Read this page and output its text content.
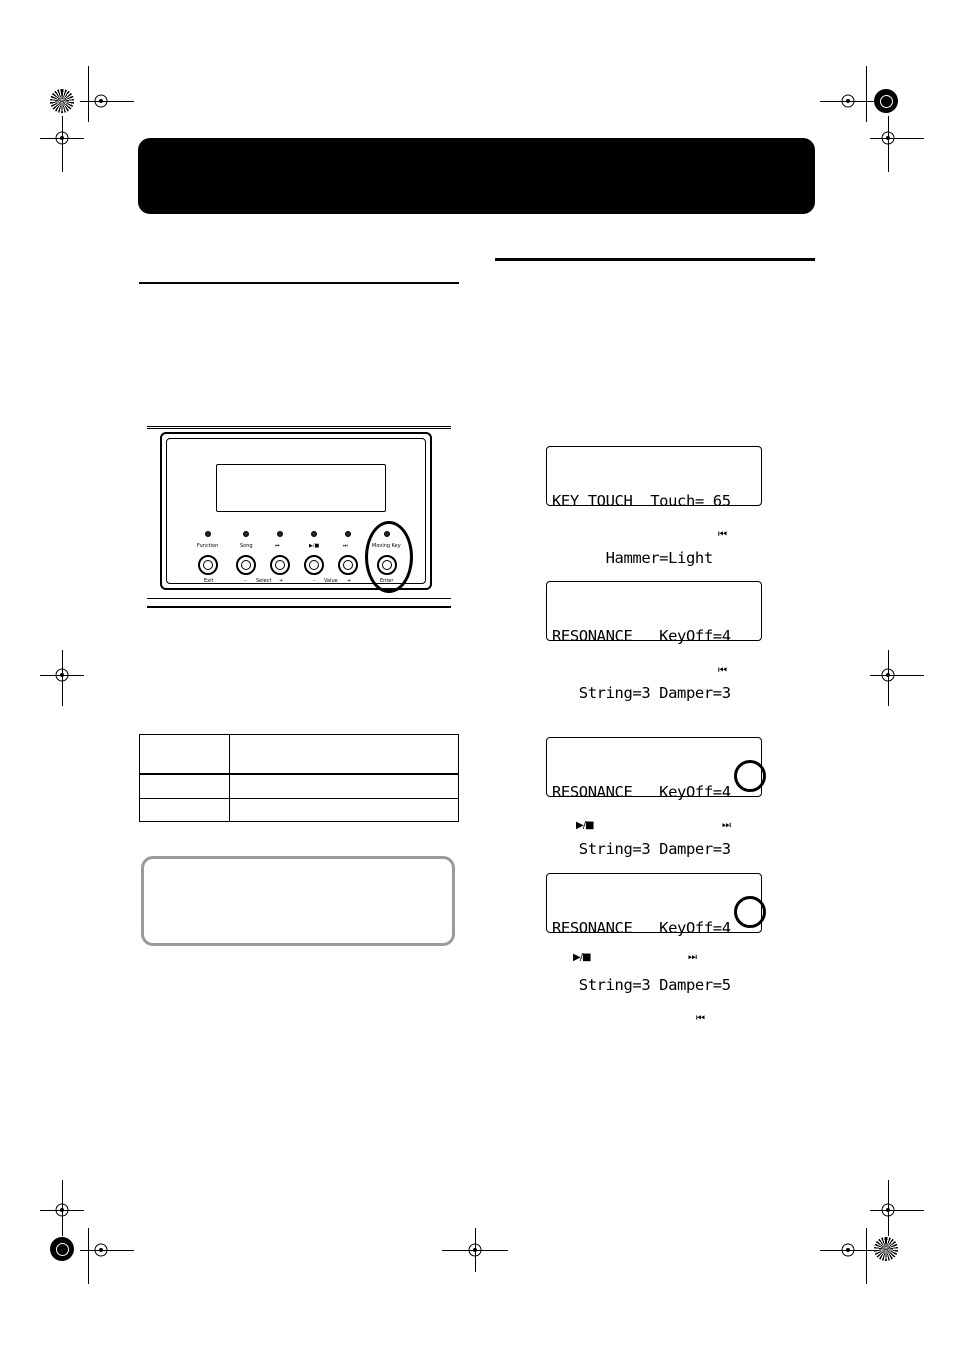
Function	Song	⏮	▶/■	⏭	Moving Key
Exit	– Select +	– Value +	Enter

KEY TOUCH  Touch= 65

Hammer=Light

RESONANCE   KeyOff=4

String=3 Damper=3

RESONANCE   KeyOff=4

String=3 Damper=3

RESONANCE   KeyOff=4

String=3 Damper=5

⏮
⏮
▶/■	⏭
▶/■	⏭
⏮
